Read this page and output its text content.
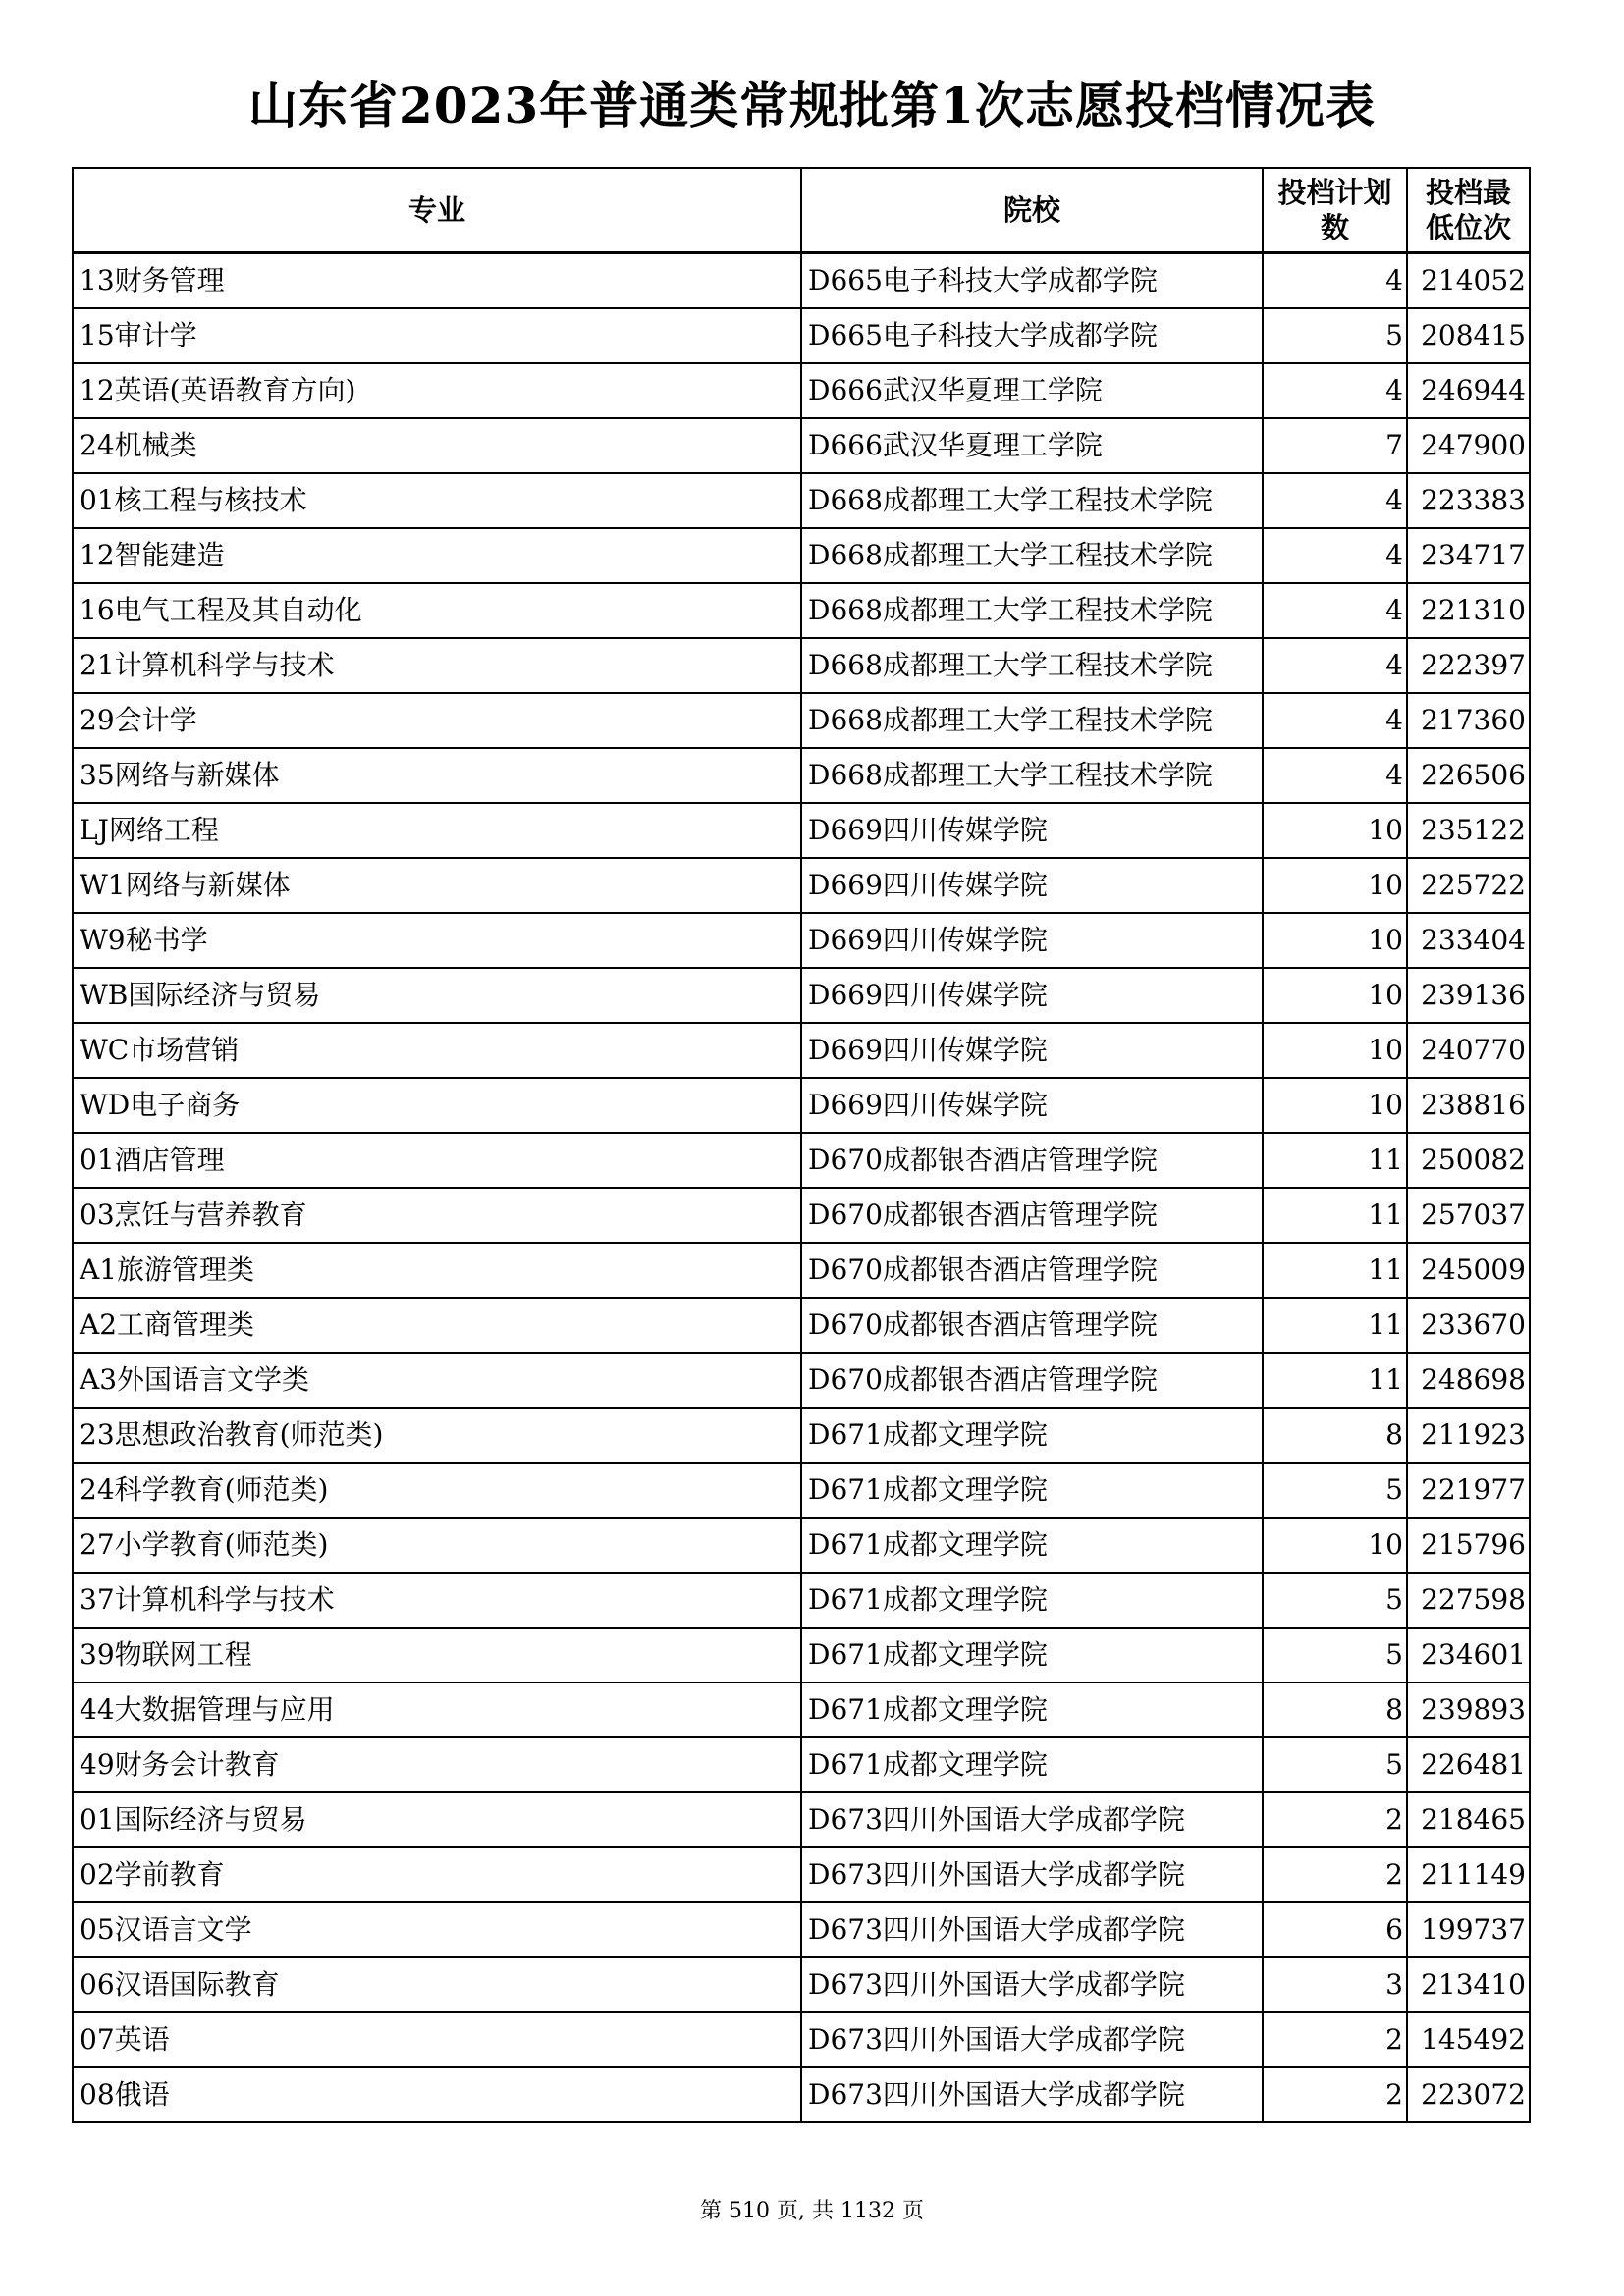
山东省2023年普通类常规批第1次志愿投档情况表
专业	院校	投档计划数	投档最低位次
13财务管理	D665电子科技大学成都学院	4	214052
15审计学	D665电子科技大学成都学院	5	208415
12英语(英语教育方向)	D666武汉华夏理工学院	4	246944
24机械类	D666武汉华夏理工学院	7	247900
01核工程与核技术	D668成都理工大学工程技术学院	4	223383
12智能建造	D668成都理工大学工程技术学院	4	234717
16电气工程及其自动化	D668成都理工大学工程技术学院	4	221310
21计算机科学与技术	D668成都理工大学工程技术学院	4	222397
29会计学	D668成都理工大学工程技术学院	4	217360
35网络与新媒体	D668成都理工大学工程技术学院	4	226506
LJ网络工程	D669四川传媒学院	10	235122
W1网络与新媒体	D669四川传媒学院	10	225722
W9秘书学	D669四川传媒学院	10	233404
WB国际经济与贸易	D669四川传媒学院	10	239136
WC市场营销	D669四川传媒学院	10	240770
WD电子商务	D669四川传媒学院	10	238816
01酒店管理	D670成都银杏酒店管理学院	11	250082
03烹饪与营养教育	D670成都银杏酒店管理学院	11	257037
A1旅游管理类	D670成都银杏酒店管理学院	11	245009
A2工商管理类	D670成都银杏酒店管理学院	11	233670
A3外国语言文学类	D670成都银杏酒店管理学院	11	248698
23思想政治教育(师范类)	D671成都文理学院	8	211923
24科学教育(师范类)	D671成都文理学院	5	221977
27小学教育(师范类)	D671成都文理学院	10	215796
37计算机科学与技术	D671成都文理学院	5	227598
39物联网工程	D671成都文理学院	5	234601
44大数据管理与应用	D671成都文理学院	8	239893
49财务会计教育	D671成都文理学院	5	226481
01国际经济与贸易	D673四川外国语大学成都学院	2	218465
02学前教育	D673四川外国语大学成都学院	2	211149
05汉语言文学	D673四川外国语大学成都学院	6	199737
06汉语国际教育	D673四川外国语大学成都学院	3	213410
07英语	D673四川外国语大学成都学院	2	145492
08俄语	D673四川外国语大学成都学院	2	223072
第 510 页, 共 1132 页
